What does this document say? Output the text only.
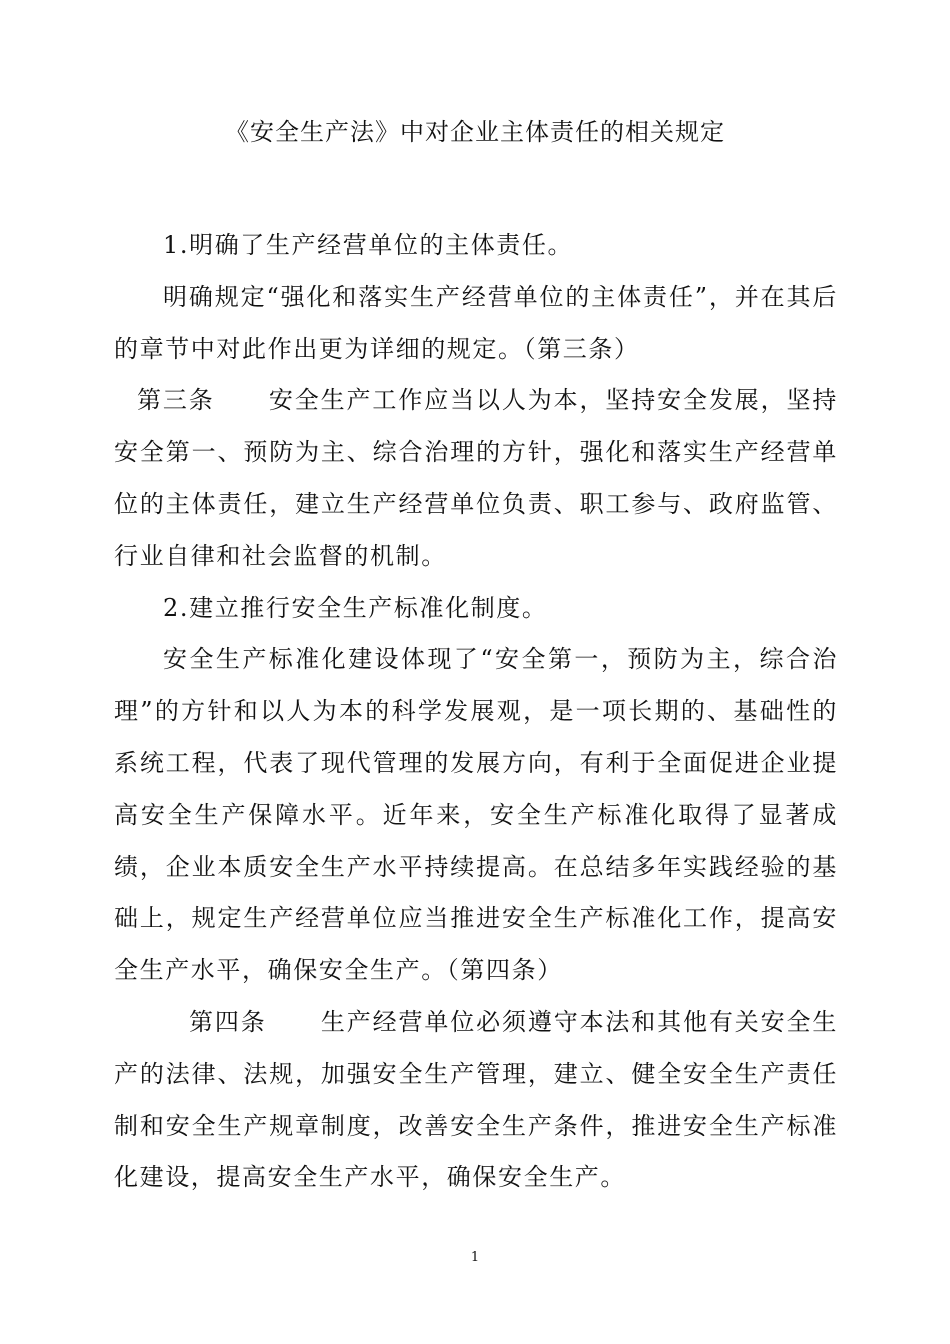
《安全生产法》中对企业主体责任的相关规定

1.明确了生产经营单位的主体责任。

明确规定“强化和落实生产经营单位的主体责任”，并在其后的章节中对此作出更为详细的规定。（第三条）

第三条 安全生产工作应当以人为本，坚持安全发展，坚持安全第一、预防为主、综合治理的方针，强化和落实生产经营单位的主体责任，建立生产经营单位负责、职工参与、政府监管、行业自律和社会监督的机制。

2.建立推行安全生产标准化制度。

安全生产标准化建设体现了“安全第一，预防为主，综合治理”的方针和以人为本的科学发展观，是一项长期的、基础性的系统工程，代表了现代管理的发展方向，有利于全面促进企业提高安全生产保障水平。近年来，安全生产标准化取得了显著成绩，企业本质安全生产水平持续提高。在总结多年实践经验的基础上，规定生产经营单位应当推进安全生产标准化工作，提高安全生产水平，确保安全生产。（第四条）

第四条 生产经营单位必须遵守本法和其他有关安全生产的法律、法规，加强安全生产管理，建立、健全安全生产责任制和安全生产规章制度，改善安全生产条件，推进安全生产标准化建设，提高安全生产水平，确保安全生产。

1
